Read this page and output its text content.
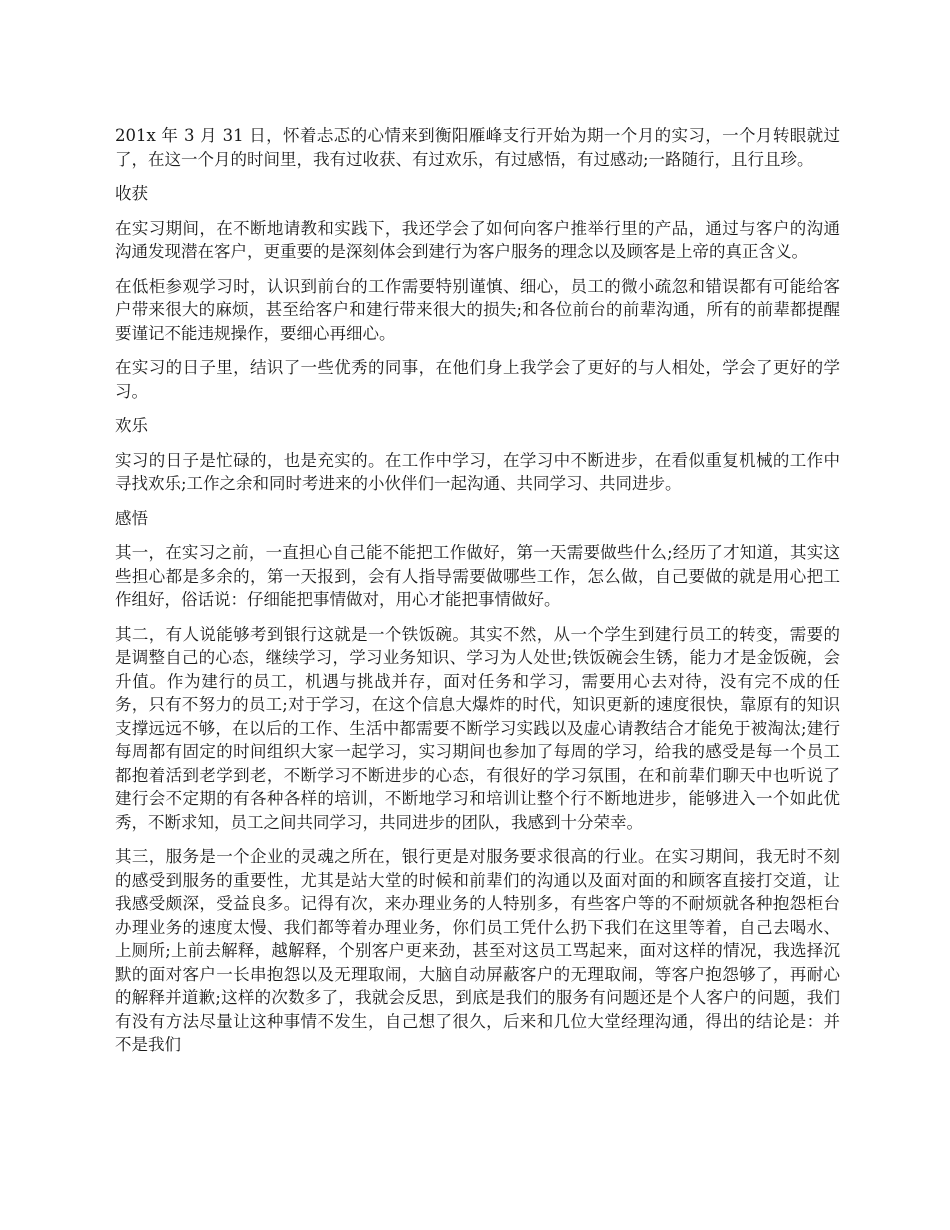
201x 年 3 月 31 日，怀着忐忑的心情来到衡阳雁峰支行开始为期一个月的实习，一个月转眼就过了，在这一个月的时间里，我有过收获、有过欢乐，有过感悟，有过感动;一路随行，且行且珍。

收获

在实习期间，在不断地请教和实践下，我还学会了如何向客户推举行里的产品，通过与客户的沟通沟通发现潜在客户，更重要的是深刻体会到建行为客户服务的理念以及顾客是上帝的真正含义。

在低柜参观学习时，认识到前台的工作需要特别谨慎、细心，员工的微小疏忽和错误都有可能给客户带来很大的麻烦，甚至给客户和建行带来很大的损失;和各位前台的前辈沟通，所有的前辈都提醒要谨记不能违规操作，要细心再细心。

在实习的日子里，结识了一些优秀的同事，在他们身上我学会了更好的与人相处，学会了更好的学习。

欢乐

实习的日子是忙碌的，也是充实的。在工作中学习，在学习中不断进步，在看似重复机械的工作中寻找欢乐;工作之余和同时考进来的小伙伴们一起沟通、共同学习、共同进步。

感悟

其一，在实习之前，一直担心自己能不能把工作做好，第一天需要做些什么;经历了才知道，其实这些担心都是多余的，第一天报到，会有人指导需要做哪些工作，怎么做，自己要做的就是用心把工作组好，俗话说：仔细能把事情做对，用心才能把事情做好。

其二，有人说能够考到银行这就是一个铁饭碗。其实不然，从一个学生到建行员工的转变，需要的是调整自己的心态，继续学习，学习业务知识、学习为人处世;铁饭碗会生锈，能力才是金饭碗，会升值。作为建行的员工，机遇与挑战并存，面对任务和学习，需要用心去对待，没有完不成的任务，只有不努力的员工;对于学习，在这个信息大爆炸的时代，知识更新的速度很快，靠原有的知识支撑远远不够，在以后的工作、生活中都需要不断学习实践以及虚心请教结合才能免于被淘汰;建行每周都有固定的时间组织大家一起学习，实习期间也参加了每周的学习，给我的感受是每一个员工都抱着活到老学到老，不断学习不断进步的心态，有很好的学习氛围，在和前辈们聊天中也听说了建行会不定期的有各种各样的培训，不断地学习和培训让整个行不断地进步，能够进入一个如此优秀，不断求知，员工之间共同学习，共同进步的团队，我感到十分荣幸。

其三，服务是一个企业的灵魂之所在，银行更是对服务要求很高的行业。在实习期间，我无时不刻的感受到服务的重要性，尤其是站大堂的时候和前辈们的沟通以及面对面的和顾客直接打交道，让我感受颇深，受益良多。记得有次，来办理业务的人特别多，有些客户等的不耐烦就各种抱怨柜台办理业务的速度太慢、我们都等着办理业务，你们员工凭什么扔下我们在这里等着，自己去喝水、上厕所;上前去解释，越解释，个别客户更来劲，甚至对这员工骂起来，面对这样的情况，我选择沉默的面对客户一长串抱怨以及无理取闹，大脑自动屏蔽客户的无理取闹，等客户抱怨够了，再耐心的解释并道歉;这样的次数多了，我就会反思，到底是我们的服务有问题还是个人客户的问题，我们有没有方法尽量让这种事情不发生，自己想了很久，后来和几位大堂经理沟通，得出的结论是：并不是我们
